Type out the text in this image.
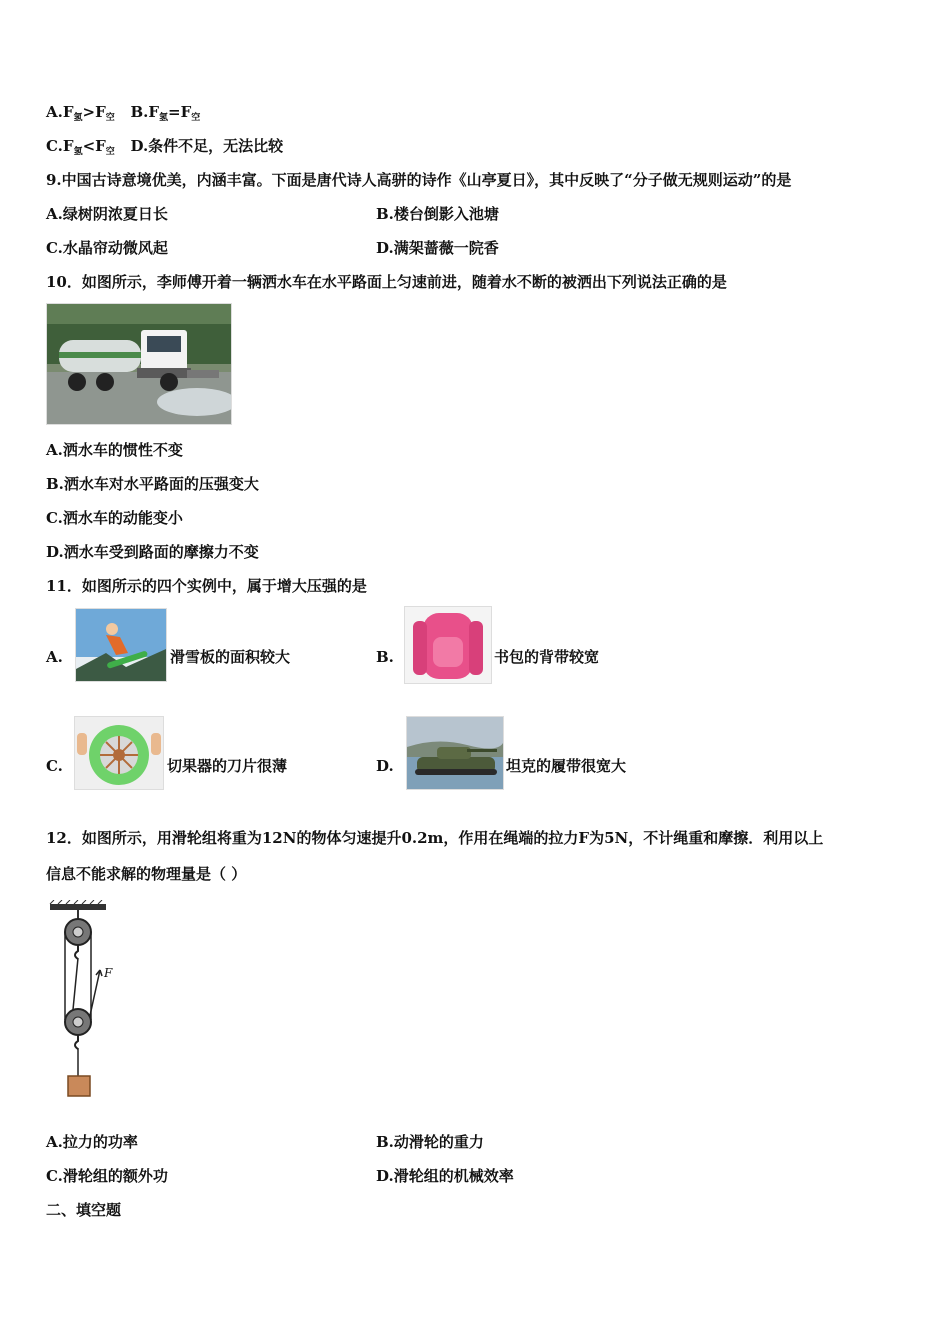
$A.F_氢>F_空$ $B.F_氢=F_空$
$C.F_氢<F_空$ D.条件不足，无法比较
9.中国古诗意境优美，内涵丰富。下面是唐代诗人高骈的诗作《山亭夏日》，其中反映了“分子做无规则运动”的是
A.绿树阴浓夏日长	B.楼台倒影入池塘
C.水晶帘动微风起	D.满架蔷薇一院香
10．如图所示，李师傅开着一辆洒水车在水平路面上匀速前进，随着水不断的被洒出下列说法正确的是
A.洒水车的惯性不变
B.洒水车对水平路面的压强变大
C.洒水车的动能变小
D.洒水车受到路面的摩擦力不变
11．如图所示的四个实例中，属于增大压强的是
A.	滑雪板的面积较大	B.	书包的背带较宽
C.	切果器的刀片很薄	D.	坦克的履带很宽大
12．如图所示，用滑轮组将重为12N的物体匀速提升0.2m，作用在绳端的拉力F为5N，不计绳重和摩擦．利用以上
信息不能求解的物理量是（ ）
F
A.拉力的功率	B.动滑轮的重力
C.滑轮组的额外功	D.滑轮组的机械效率
二、填空题
